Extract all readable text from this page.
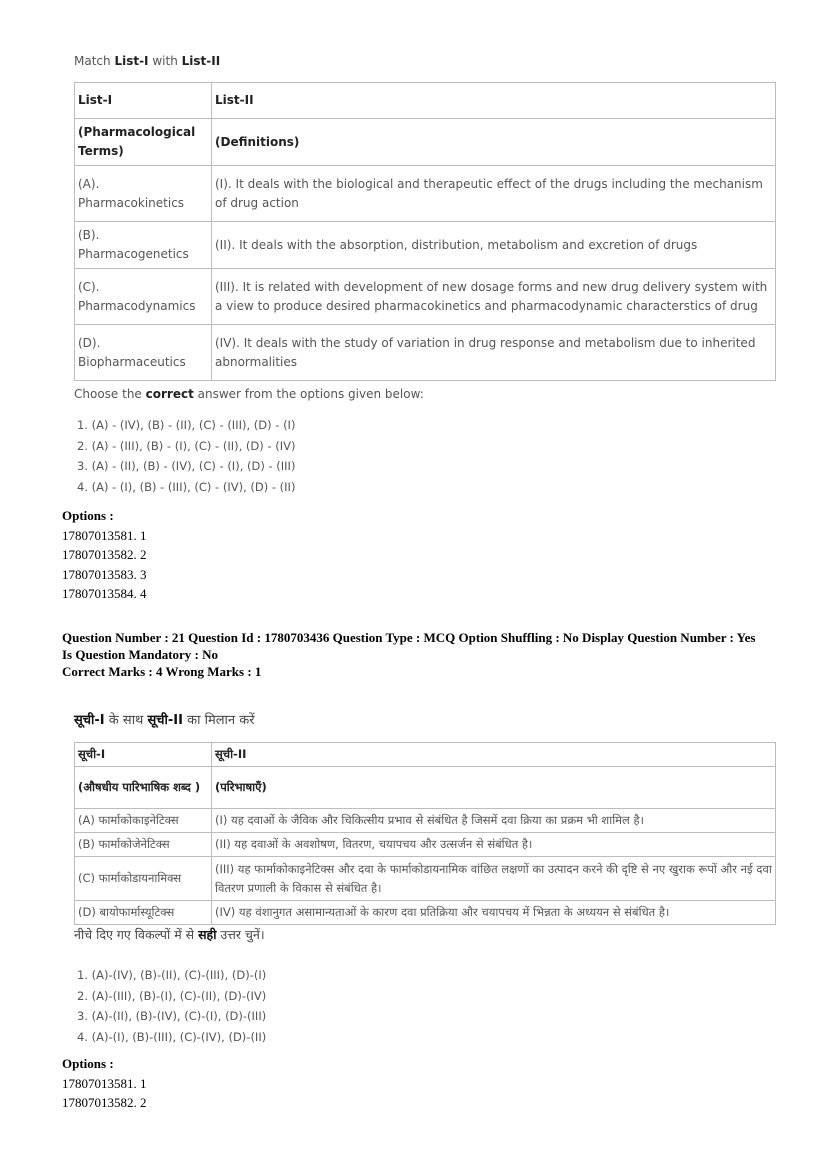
Match List-I with List-II
List-I	List-II
(Pharmacological Terms)	(Definitions)
(A). Pharmacokinetics	(I). It deals with the biological and therapeutic effect of the drugs including the mechanism of drug action
(B). Pharmacogenetics	(II). It deals with the absorption, distribution, metabolism and excretion of drugs
(C). Pharmacodynamics	(III). It is related with development of new dosage forms and new drug delivery system with a view to produce desired pharmacokinetics and pharmacodynamic characterstics of drug
(D). Biopharmaceutics	(IV). It deals with the study of variation in drug response and metabolism due to inherited abnormalities
Choose the correct answer from the options given below:
1. (A) - (IV), (B) - (II), (C) - (III), (D) - (I)
2. (A) - (III), (B) - (I), (C) - (II), (D) - (IV)
3. (A) - (II), (B) - (IV), (C) - (I), (D) - (III)
4. (A) - (I), (B) - (III), (C) - (IV), (D) - (II)
Options :
17807013581. 1
17807013582. 2
17807013583. 3
17807013584. 4
Question Number : 21 Question Id : 1780703436 Question Type : MCQ Option Shuffling : No Display Question Number : Yes
Is Question Mandatory : No
Correct Marks : 4 Wrong Marks : 1
सूची-I के साथ सूची-II का मिलान करें
सूची-I	सूची-II
(औषधीय पारिभाषिक शब्द )	(परिभाषाएँ)
(A) फार्माकोकाइनेटिक्स	(I) यह दवाओं के जैविक और चिकित्सीय प्रभाव से संबंधित है जिसमें दवा क्रिया का प्रक्रम भी शामिल है।
(B) फार्माकोजेनेटिक्स	(II) यह दवाओं के अवशोषण, वितरण, चयापचय और उत्सर्जन से संबंधित है।
(C) फार्माकोडायनामिक्स	(III) यह फार्माकोकाइनेटिक्स और दवा के फार्माकोडायनामिक वांछित लक्षणों का उत्पादन करने की दृष्टि से नए खुराक रूपों और नई दवा वितरण प्रणाली के विकास से संबंधित है।
(D) बायोफार्मास्यूटिक्स	(IV) यह वंशानुगत असामान्यताओं के कारण दवा प्रतिक्रिया और चयापचय में भिन्नता के अध्ययन से संबंधित है।
नीचे दिए गए विकल्पों में से सही उत्तर चुनें।
1. (A)-(IV), (B)-(II), (C)-(III), (D)-(I)
2. (A)-(III), (B)-(I), (C)-(II), (D)-(IV)
3. (A)-(II), (B)-(IV), (C)-(I), (D)-(III)
4. (A)-(I), (B)-(III), (C)-(IV), (D)-(II)
Options :
17807013581. 1
17807013582. 2
